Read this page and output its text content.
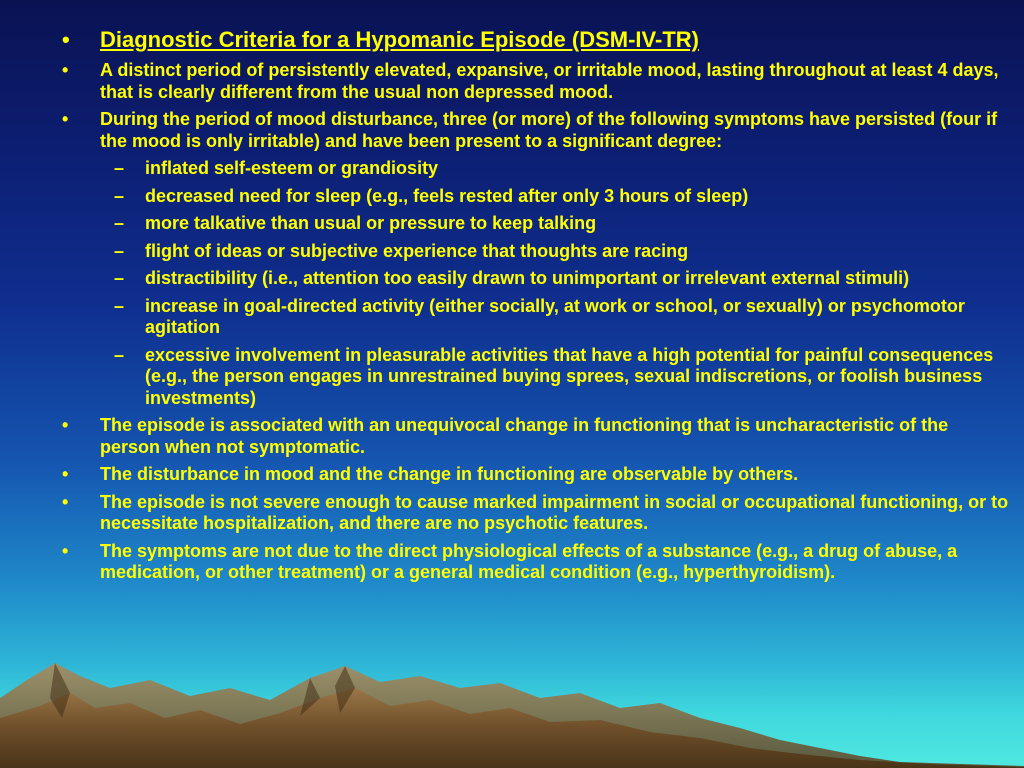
• Diagnostic Criteria for a Hypomanic Episode (DSM-IV-TR)
• A distinct period of persistently elevated, expansive, or irritable mood, lasting throughout at least 4 days, that is clearly different from the usual non depressed mood.
• During the period of mood disturbance, three (or more) of the following symptoms have persisted (four if the mood is only irritable) and have been present to a significant degree:
– inflated self-esteem or grandiosity
– decreased need for sleep (e.g., feels rested after only 3 hours of sleep)
– more talkative than usual or pressure to keep talking
– flight of ideas or subjective experience that thoughts are racing
– distractibility (i.e., attention too easily drawn to unimportant or irrelevant external stimuli)
– increase in goal-directed activity (either socially, at work or school, or sexually) or psychomotor agitation
– excessive involvement in pleasurable activities that have a high potential for painful consequences (e.g., the person engages in unrestrained buying sprees, sexual indiscretions, or foolish business investments)
• The episode is associated with an unequivocal change in functioning that is uncharacteristic of the person when not symptomatic.
• The disturbance in mood and the change in functioning are observable by others.
• The episode is not severe enough to cause marked impairment in social or occupational functioning, or to necessitate hospitalization, and there are no psychotic features.
• The symptoms are not due to the direct physiological effects of a substance (e.g., a drug of abuse, a medication, or other treatment) or a general medical condition (e.g., hyperthyroidism).
